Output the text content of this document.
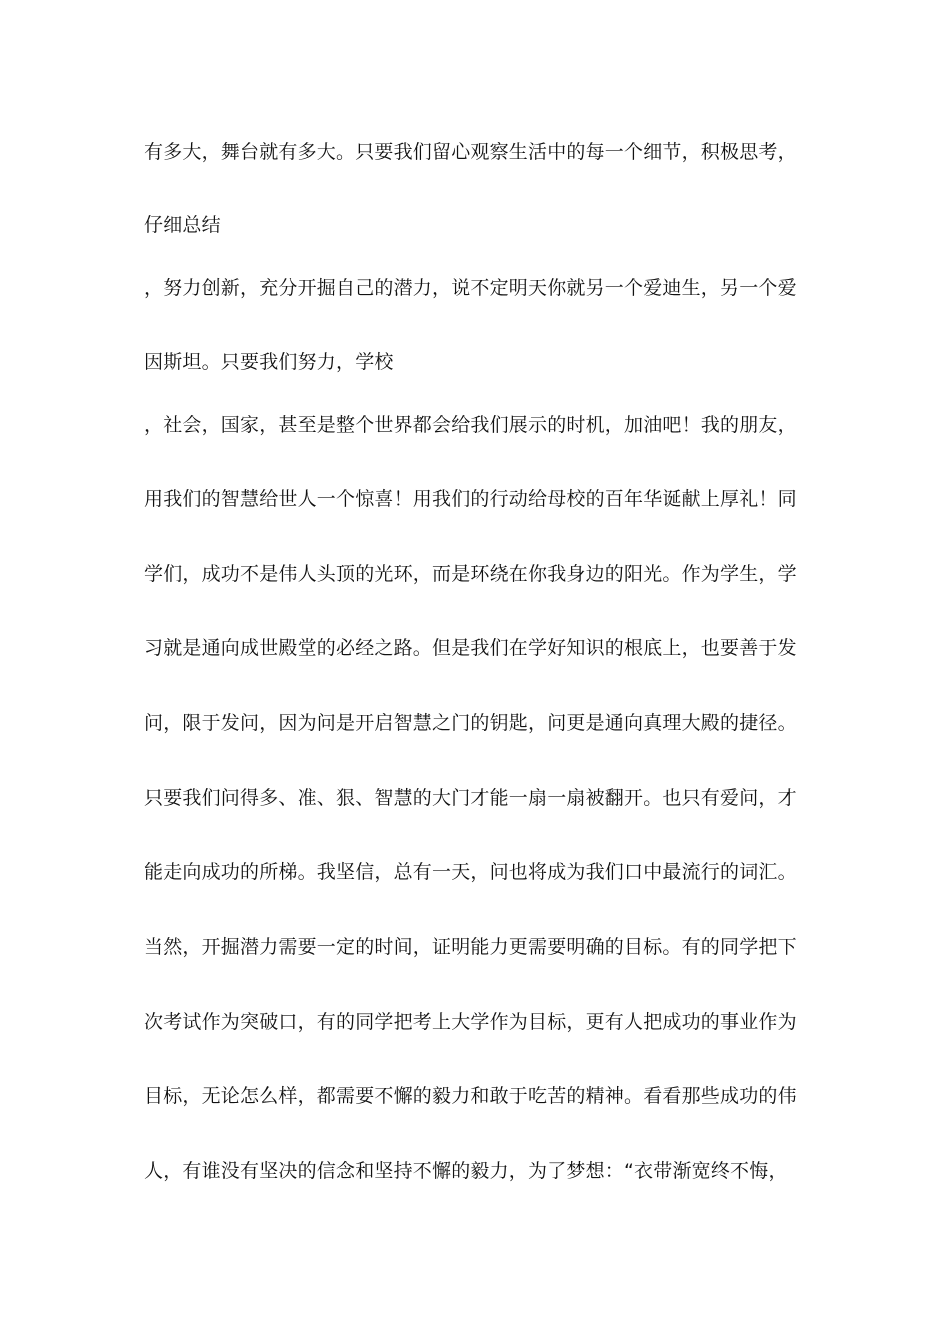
有多大，舞台就有多大。只要我们留心观察生活中的每一个细节，积极思考，
仔细总结
，努力创新，充分开掘自己的潜力，说不定明天你就另一个爱迪生，另一个爱
因斯坦。只要我们努力，学校
，社会，国家，甚至是整个世界都会给我们展示的时机，加油吧！我的朋友，
用我们的智慧给世人一个惊喜！用我们的行动给母校的百年华诞献上厚礼！同
学们，成功不是伟人头顶的光环，而是环绕在你我身边的阳光。作为学生，学
习就是通向成世殿堂的必经之路。但是我们在学好知识的根底上，也要善于发
问，限于发问，因为问是开启智慧之门的钥匙，问更是通向真理大殿的捷径。
只要我们问得多、准、狠、智慧的大门才能一扇一扇被翻开。也只有爱问，才
能走向成功的所梯。我坚信，总有一天，问也将成为我们口中最流行的词汇。
当然，开掘潜力需要一定的时间，证明能力更需要明确的目标。有的同学把下
次考试作为突破口，有的同学把考上大学作为目标，更有人把成功的事业作为
目标，无论怎么样，都需要不懈的毅力和敢于吃苦的精神。看看那些成功的伟
人，有谁没有坚决的信念和坚持不懈的毅力，为了梦想：“衣带渐宽终不悔，
